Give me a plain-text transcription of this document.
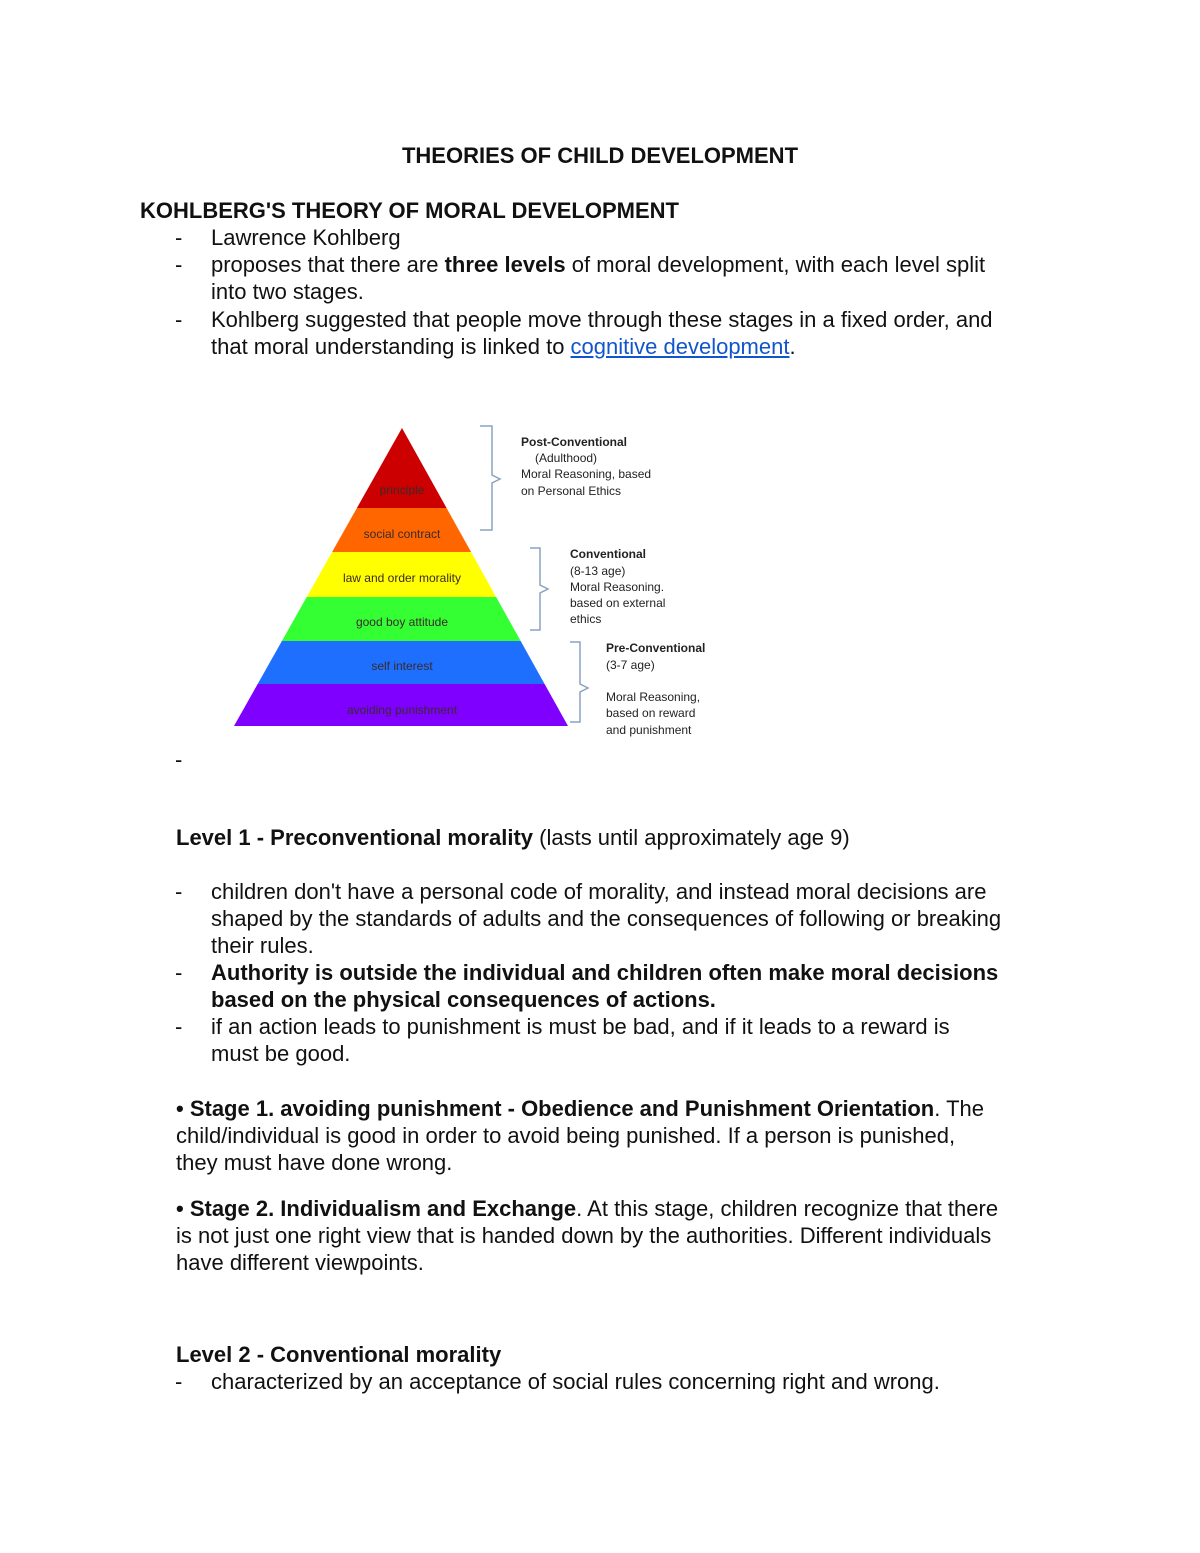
THEORIES OF CHILD DEVELOPMENT
KOHLBERG'S THEORY OF MORAL DEVELOPMENT
- Lawrence Kohlberg
- proposes that there are three levels of moral development, with each level split
into two stages.
- Kohlberg suggested that people move through these stages in a fixed order, and
that moral understanding is linked to cognitive development.
principle
social contract
law and order morality
good boy attitude
self interest
avoiding punishment
Post-Conventional
(Adulthood)
Moral Reasoning, based
on Personal Ethics
Conventional
(8-13 age)
Moral Reasoning.
based on external
ethics
Pre-Conventional
(3-7 age)
Moral Reasoning,
based on reward
and punishment
-
Level 1 - Preconventional morality (lasts until approximately age 9)
- children don't have a personal code of morality, and instead moral decisions are
shaped by the standards of adults and the consequences of following or breaking
their rules.
- Authority is outside the individual and children often make moral decisions
based on the physical consequences of actions.
- if an action leads to punishment is must be bad, and if it leads to a reward is
must be good.
• Stage 1. avoiding punishment - Obedience and Punishment Orientation. The
child/individual is good in order to avoid being punished. If a person is punished,
they must have done wrong.
• Stage 2. Individualism and Exchange. At this stage, children recognize that there
is not just one right view that is handed down by the authorities. Different individuals
have different viewpoints.
Level 2 - Conventional morality
- characterized by an acceptance of social rules concerning right and wrong.
